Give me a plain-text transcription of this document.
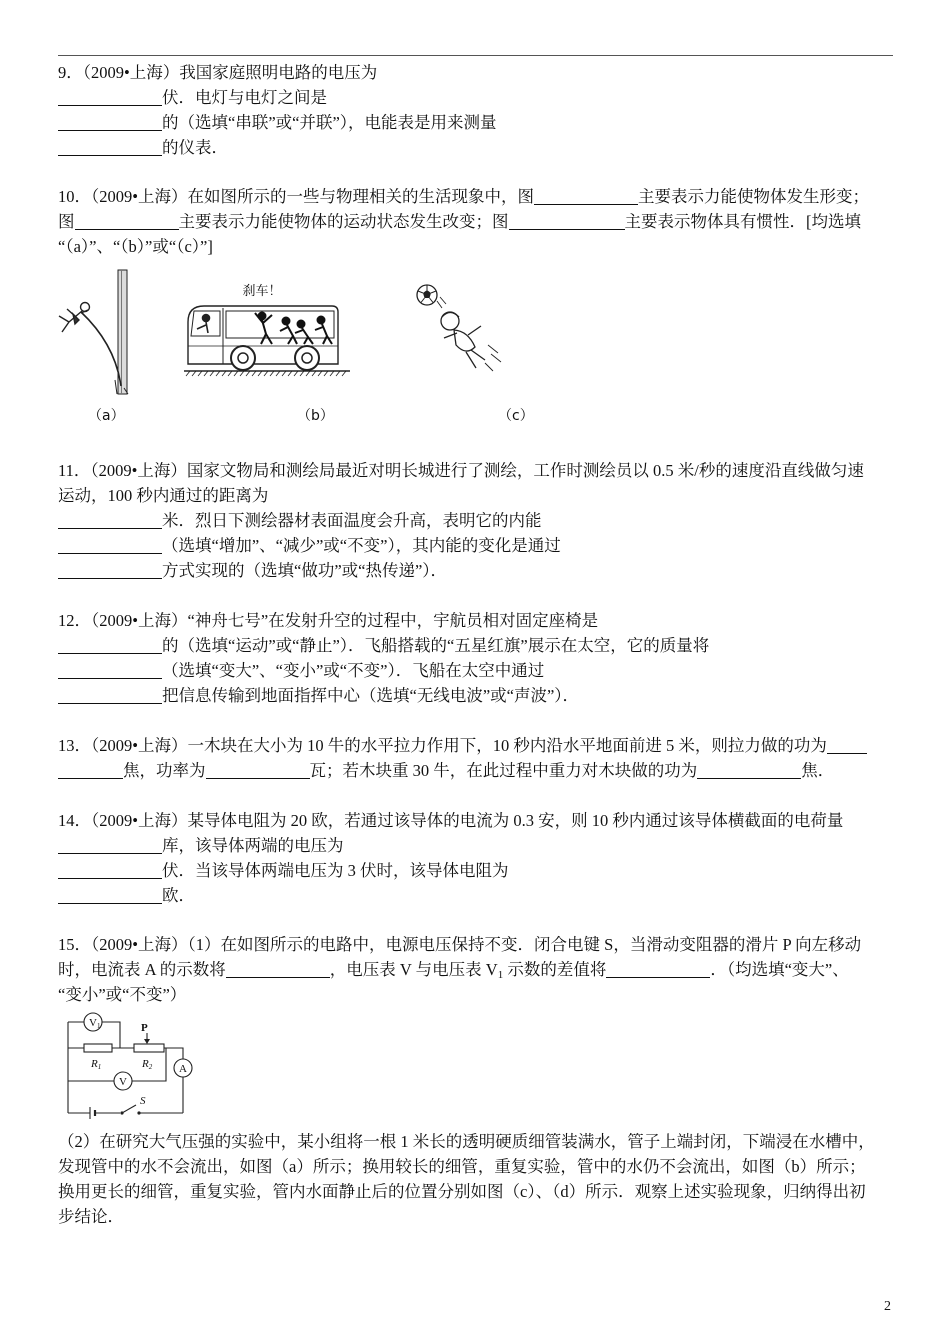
9．（2009•上海）我国家庭照明电路的电压为
伏．电灯与电灯之间是
的（选填“串联”或“并联”），电能表是用来测量
的仪表．
10．（2009•上海）在如图所示的一些与物理相关的生活现象中，图	主要表示力能使物体发生形变；
图	主要表示力能使物体的运动状态发生改变；图	主要表示物体具有惯性．[均选填
“（a）”、“（b）”或“（c）”]
刹车！
（a）	（b）	（c）
11．（2009•上海）国家文物局和测绘局最近对明长城进行了测绘，工作时测绘员以 0.5 米/秒的速度沿直线做匀速
运动，100 秒内通过的距离为
米．烈日下测绘器材表面温度会升高，表明它的内能
（选填“增加”、“减少”或“不变”），其内能的变化是通过
方式实现的（选填“做功”或“热传递”）．
12．（2009•上海）“神舟七号”在发射升空的过程中，宇航员相对固定座椅是
的（选填“运动”或“静止”）．飞船搭载的“五星红旗”展示在太空，它的质量将
（选填“变大”、“变小”或“不变”）．飞船在太空中通过
把信息传输到地面指挥中心（选填“无线电波”或“声波”）．
13．（2009•上海）一木块在大小为 10 牛的水平拉力作用下，10 秒内沿水平地面前进 5 米，则拉力做的功为
焦，功率为	瓦；若木块重 30 牛，在此过程中重力对木块做的功为	焦．
14．（2009•上海）某导体电阻为 20 欧，若通过该导体的电流为 0.3 安，则 10 秒内通过该导体横截面的电荷量
库，该导体两端的电压为
伏．当该导体两端电压为 3 伏时，该导体电阻为
欧．
15．（2009•上海）（1）在如图所示的电路中，电源电压保持不变．闭合电键 S，当滑动变阻器的滑片 P 向左移动
时，电流表 A 的示数将	，电压表 V 与电压表 $V_1$ 示数的差值将	．（均选填“变大”、
“变小”或“不变”）
V1	P
R1	R2 A
V
S
（2）在研究大气压强的实验中，某小组将一根 1 米长的透明硬质细管装满水，管子上端封闭，下端浸在水槽中，
发现管中的水不会流出，如图（a）所示；换用较长的细管，重复实验，管中的水仍不会流出，如图（b）所示；
换用更长的细管，重复实验，管内水面静止后的位置分别如图（c）、（d）所示．观察上述实验现象，归纳得出初
步结论．
2
